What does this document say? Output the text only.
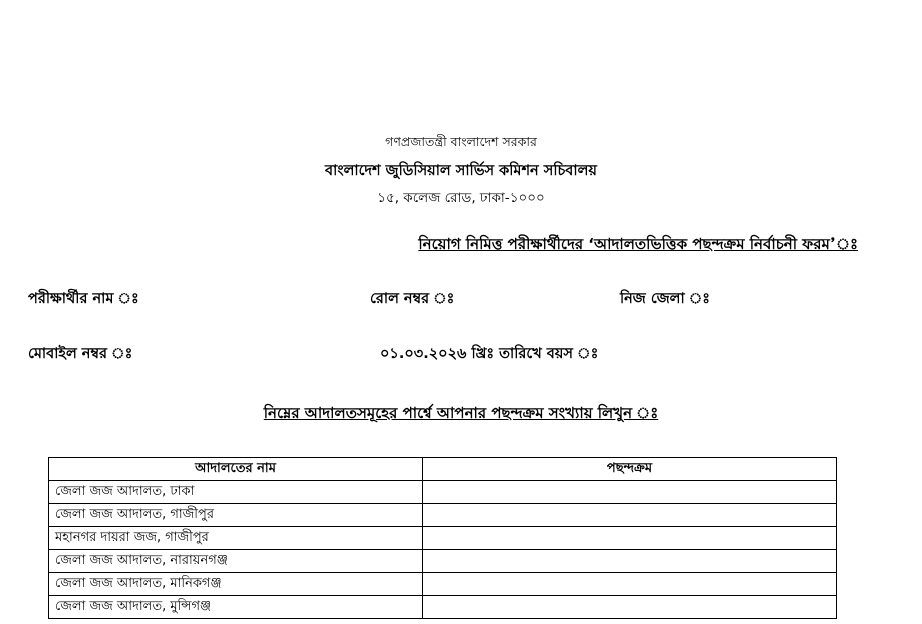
গণপ্রজাতন্ত্রী বাংলাদেশ সরকার
বাংলাদেশ জুডিসিয়াল সার্ভিস কমিশন সচিবালয়
১৫, কলেজ রোড, ঢাকা-১০০০
নিয়োগ নিমিত্ত পরীক্ষার্থীদের ‘আদালতভিত্তিক পছন্দক্রম নির্বাচনী ফরম’ঃ
পরীক্ষার্থীর নাম ঃ	রোল নম্বর ঃ	নিজ জেলা ঃ
মোবাইল নম্বর ঃ	০১.০৩.২০২৬ খ্রিঃ তারিখে বয়স ঃ
নিম্নের আদালতসমূহের পার্শ্বে আপনার পছন্দক্রম সংখ্যায় লিখুন ঃ
আদালতের নাম	পছন্দক্রম
জেলা জজ আদালত, ঢাকা	
জেলা জজ আদালত, গাজীপুর	
মহানগর দায়রা জজ, গাজীপুর	
জেলা জজ আদালত, নারায়নগঞ্জ	
জেলা জজ আদালত, মানিকগঞ্জ	
জেলা জজ আদালত, মুন্সিগঞ্জ	
